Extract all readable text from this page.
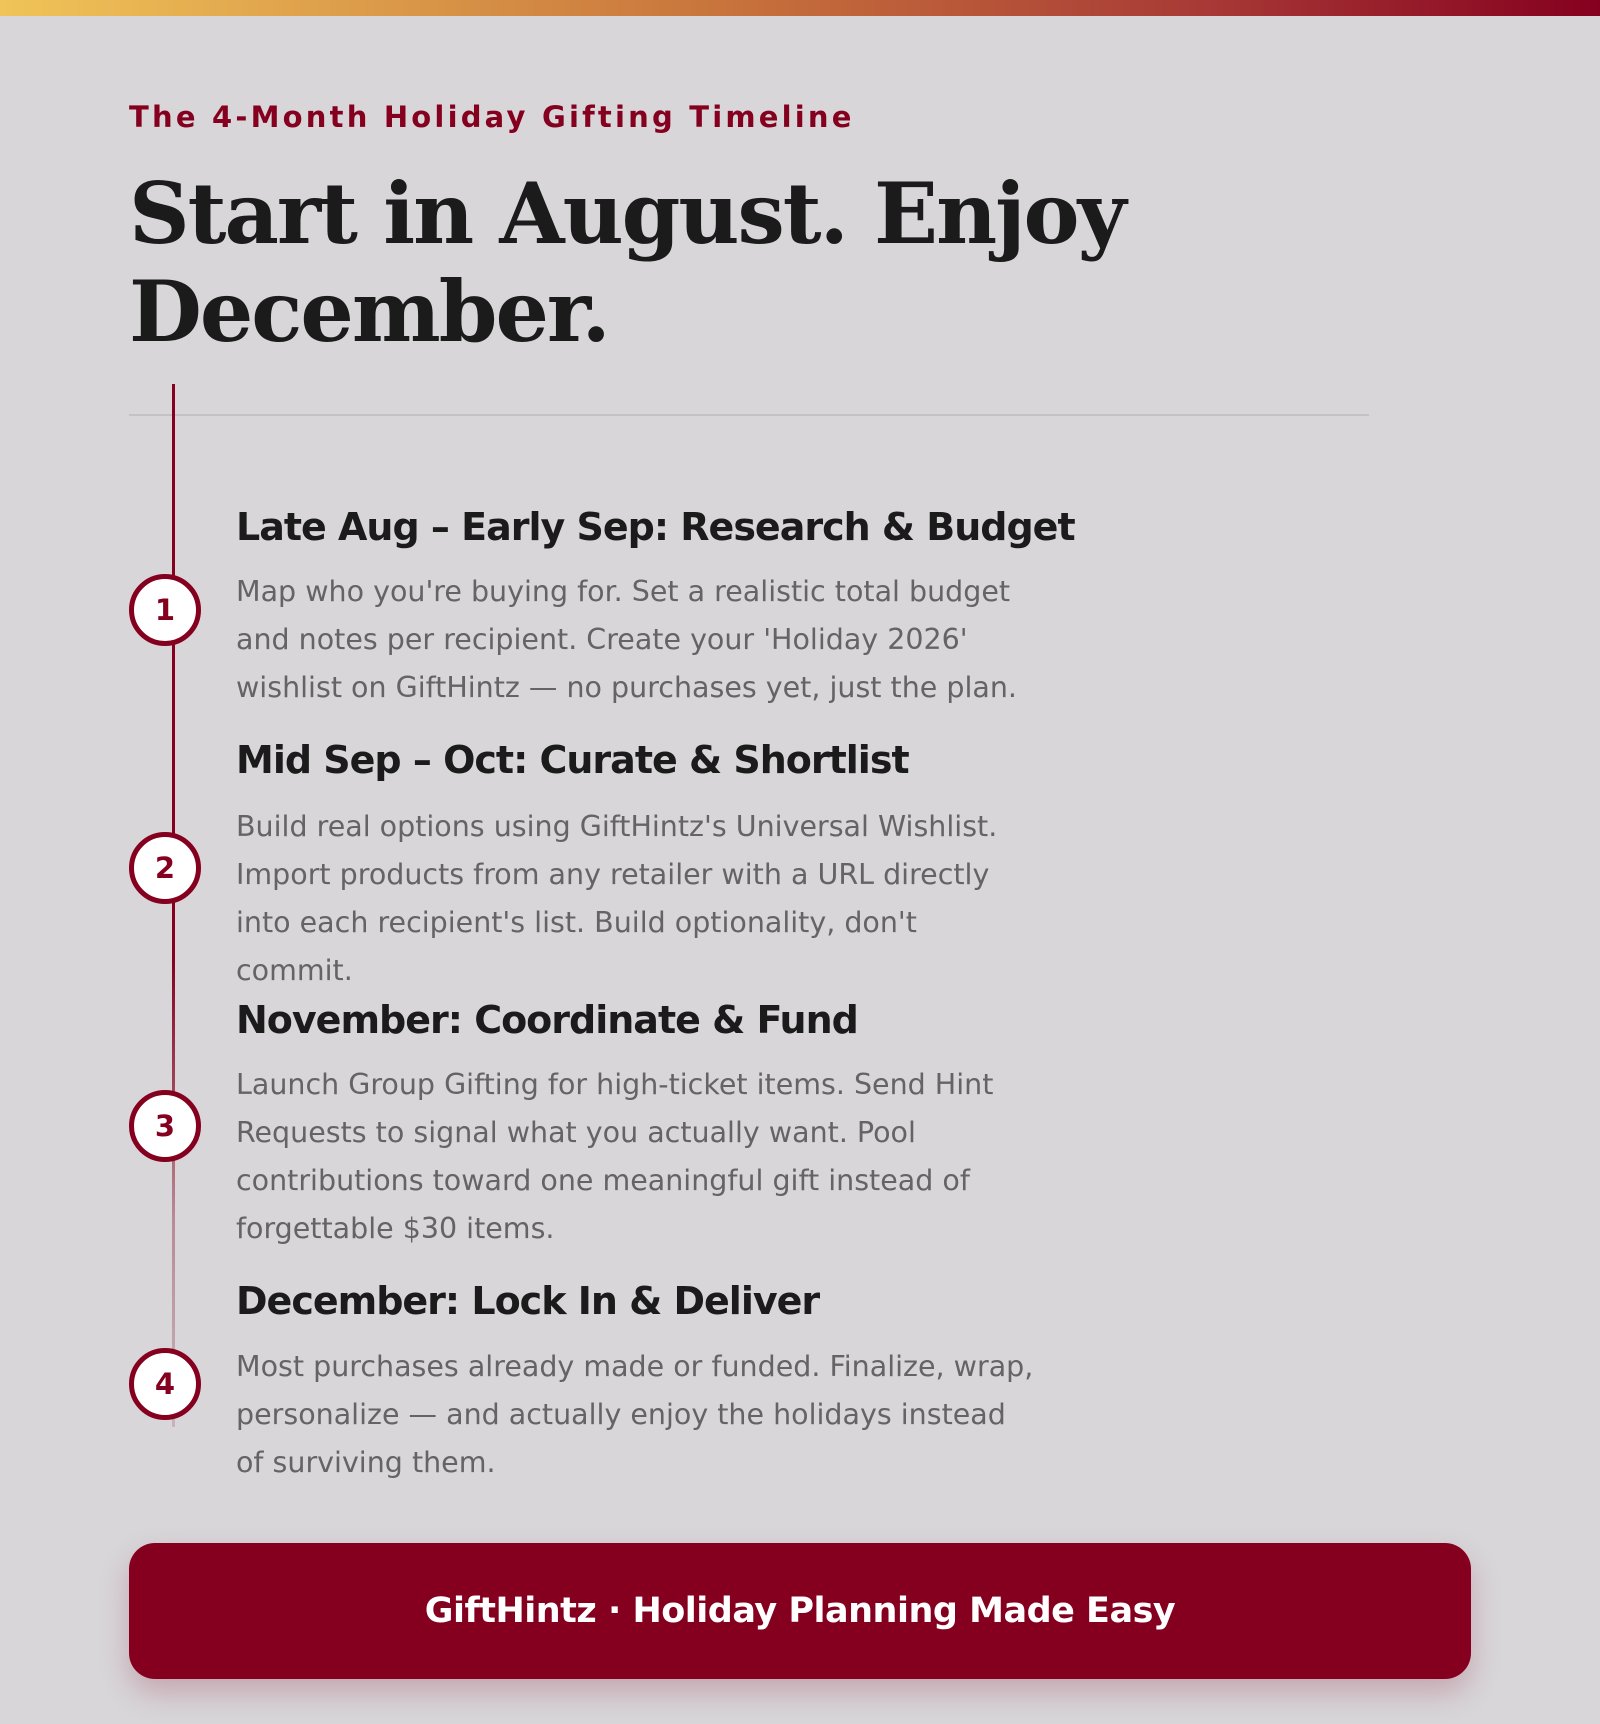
The 4-Month Holiday Gifting Timeline
Start in August. Enjoy December.
1
Late Aug – Early Sep: Research & Budget

Map who you're buying for. Set a realistic total budget and notes per recipient. Create your 'Holiday 2026' wishlist on GiftHintz — no purchases yet, just the plan.

2
Mid Sep – Oct: Curate & Shortlist

Build real options using GiftHintz's Universal Wishlist. Import products from any retailer with a URL directly into each recipient's list. Build optionality, don't commit.

3
November: Coordinate & Fund

Launch Group Gifting for high-ticket items. Send Hint Requests to signal what you actually want. Pool contributions toward one meaningful gift instead of forgettable $30 items.

4
December: Lock In & Deliver

Most purchases already made or funded. Finalize, wrap, personalize — and actually enjoy the holidays instead of surviving them.

GiftHintz · Holiday Planning Made Easy
